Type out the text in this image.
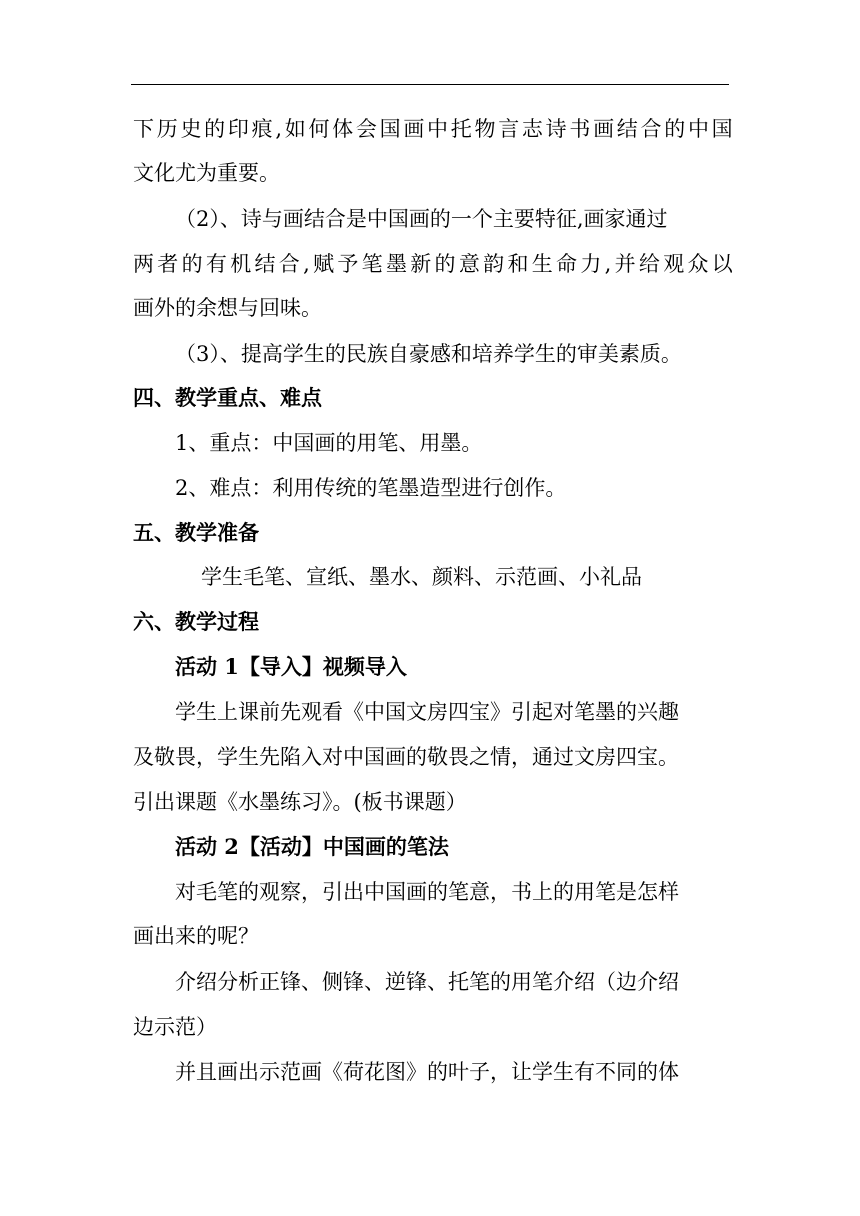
下 历 史 的 印 痕 , 如 何 体 会 国 画 中 托 物 言 志 诗 书 画 结 合 的 中 国
文化尤为重要。
（2）、诗与画结合是中国画的一个主要特征,画家通过
两 者 的 有 机 结 合 , 赋 予 笔 墨 新 的 意 韵 和 生 命 力 , 并 给 观 众 以
画外的余想与回味。
（3）、提高学生的民族自豪感和培养学生的审美素质。
四、教学重点、难点
1、重点：中国画的用笔、用墨。
2、难点：利用传统的笔墨造型进行创作。
五、教学准备
学生毛笔、宣纸、墨水、颜料、示范画、小礼品
六、教学过程
活动 1【导入】视频导入
学生上课前先观看《中国文房四宝》引起对笔墨的兴趣
及敬畏，学生先陷入对中国画的敬畏之情，通过文房四宝。
引出课题《水墨练习》。(板书课题）
活动 2【活动】中国画的笔法
对毛笔的观察，引出中国画的笔意，书上的用笔是怎样
画出来的呢？
介绍分析正锋、侧锋、逆锋、托笔的用笔介绍（边介绍
边示范）
并且画出示范画《荷花图》的叶子，让学生有不同的体
